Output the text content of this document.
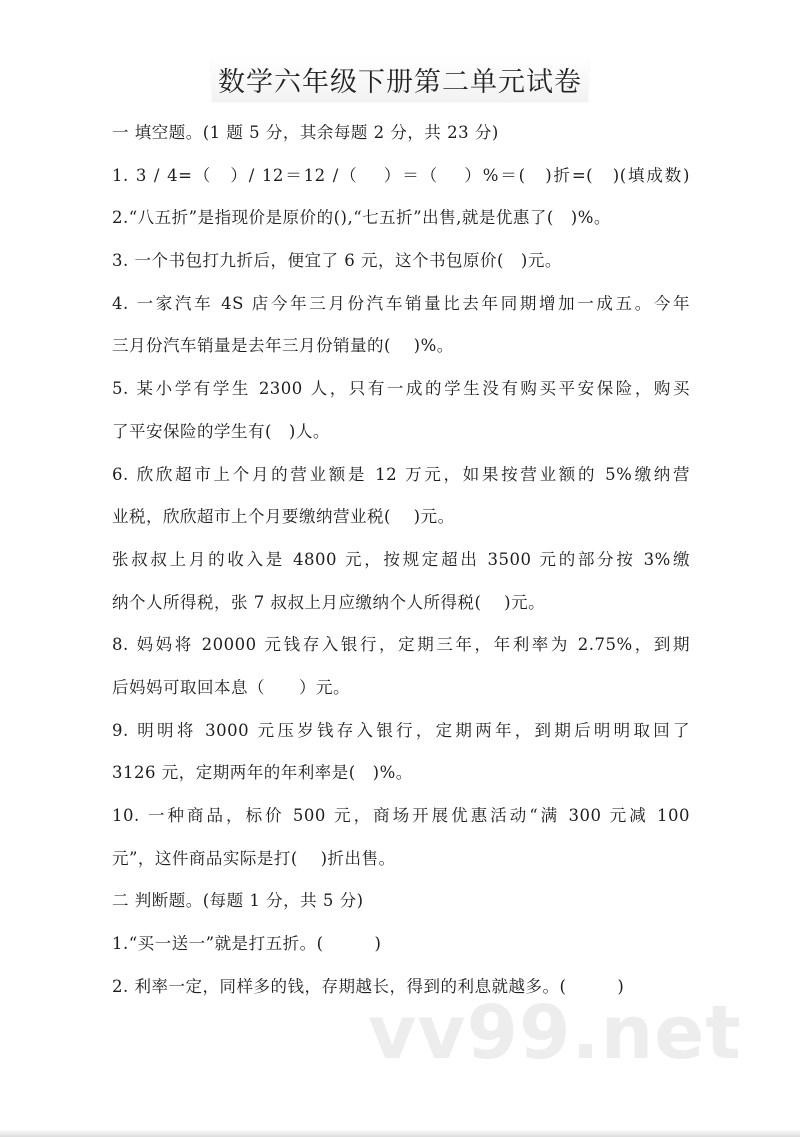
数学六年级下册第二单元试卷
一 填空题。(1 题 5 分，其余每题 2 分，共 23 分)
1. 3 / 4=（　）/ 12＝12 /（　 ）＝（　 ）%＝(　)折=(　)(填成数)
2.“八五折”是指现价是原价的(),“七五折”出售,就是优惠了(　)%。
3. 一个书包打九折后，便宜了 6 元，这个书包原价(　)元。
4. 一家汽车 4S 店今年三月份汽车销量比去年同期增加一成五。今年
三月份汽车销量是去年三月份销量的(　 )%。
5. 某小学有学生 2300 人，只有一成的学生没有购买平安保险，购买
了平安保险的学生有(　)人。
6. 欣欣超市上个月的营业额是 12 万元，如果按营业额的 5%缴纳营
业税，欣欣超市上个月要缴纳营业税(　 )元。
张叔叔上月的收入是 4800 元，按规定超出 3500 元的部分按 3%缴
纳个人所得税，张 7 叔叔上月应缴纳个人所得税(　 )元。
8. 妈妈将 20000 元钱存入银行，定期三年，年利率为 2.75%，到期
后妈妈可取回本息（　　）元。
9. 明明将 3000 元压岁钱存入银行，定期两年，到期后明明取回了
3126 元，定期两年的年利率是(　)%。
10. 一种商品，标价 500 元，商场开展优惠活动“满 300 元减 100
元”，这件商品实际是打(　 )折出售。
二 判断题。(每题 1 分，共 5 分)
1.“买一送一”就是打五折。(　　　)
2. 利率一定，同样多的钱，存期越长，得到的利息就越多。(　　　)
vv99.net
